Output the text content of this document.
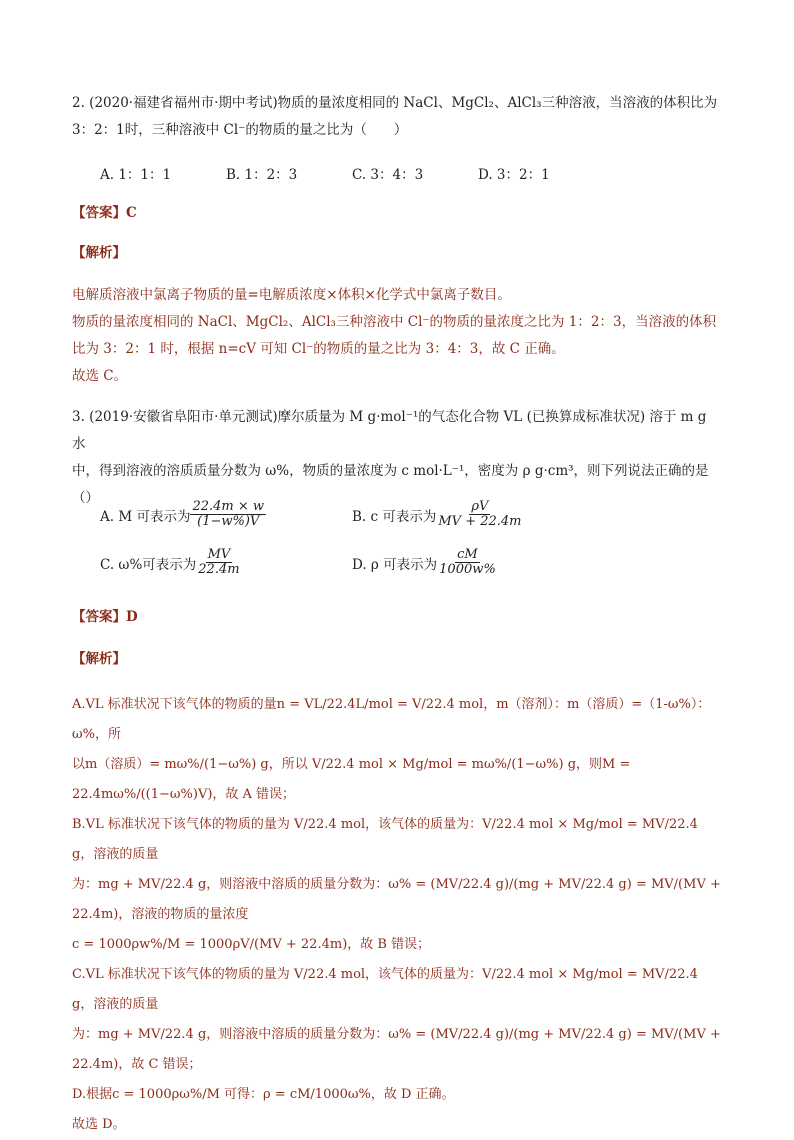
2. (2020·福建省福州市·期中考试)物质的量浓度相同的 NaCl、MgCl₂、AlCl₃三种溶液，当溶液的体积比为
3：2：1时，三种溶液中 Cl⁻的物质的量之比为（　　）
A. 1：1：1	B. 1：2：3	C. 3：4：3	D. 3：2：1
【答案】C
【解析】
电解质溶液中氯离子物质的量=电解质浓度×体积×化学式中氯离子数目。
物质的量浓度相同的 NaCl、MgCl₂、AlCl₃三种溶液中 Cl⁻的物质的量浓度之比为 1：2：3，当溶液的体积
比为 3：2：1 时，根据 n=cV 可知 Cl⁻的物质的量之比为 3：4：3，故 C 正确。
故选 C。
3. (2019·安徽省阜阳市·单元测试)摩尔质量为 M g·mol⁻¹的气态化合物 VL (已换算成标准状况) 溶于 m g 水
中，得到溶液的溶质质量分数为 ω%，物质的量浓度为 c mol·L⁻¹，密度为 ρ g·cm³，则下列说法正确的是
（）
A. M 可表示为 $\frac{22.4m \times w}{(1-w\%)V}$	B. c 可表示为 $\frac{\rho V}{MV + 22.4m}$
C. ω%可表示为 $\frac{MV}{22.4m}$	D. ρ 可表示为 $\frac{cM}{1000w\%}$
【答案】D
【解析】
A.VL 标准状况下该气体的物质的量n = VL/22.4L/mol = V/22.4 mol，m（溶剂）：m（溶质）=（1-ω%）：ω%，所
以m（溶质）= mω%/(1−ω%) g，所以 V/22.4 mol × Mg/mol = mω%/(1−ω%) g，则M = 22.4mω%/((1−ω%)V)，故 A 错误；
B.VL 标准状况下该气体的物质的量为 V/22.4 mol，该气体的质量为：V/22.4 mol × Mg/mol = MV/22.4 g，溶液的质量
为：mg + MV/22.4 g，则溶液中溶质的质量分数为：ω% = (MV/22.4 g)/(mg + MV/22.4 g) = MV/(MV + 22.4m)，溶液的物质的量浓度
c = 1000ρw%/M = 1000ρV/(MV + 22.4m)，故 B 错误；
C.VL 标准状况下该气体的物质的量为 V/22.4 mol，该气体的质量为：V/22.4 mol × Mg/mol = MV/22.4 g，溶液的质量
为：mg + MV/22.4 g，则溶液中溶质的质量分数为：ω% = (MV/22.4 g)/(mg + MV/22.4 g) = MV/(MV + 22.4m)，故 C 错误；
D.根据c = 1000ρω%/M 可得：ρ = cM/1000ω%，故 D 正确。
故选 D。
